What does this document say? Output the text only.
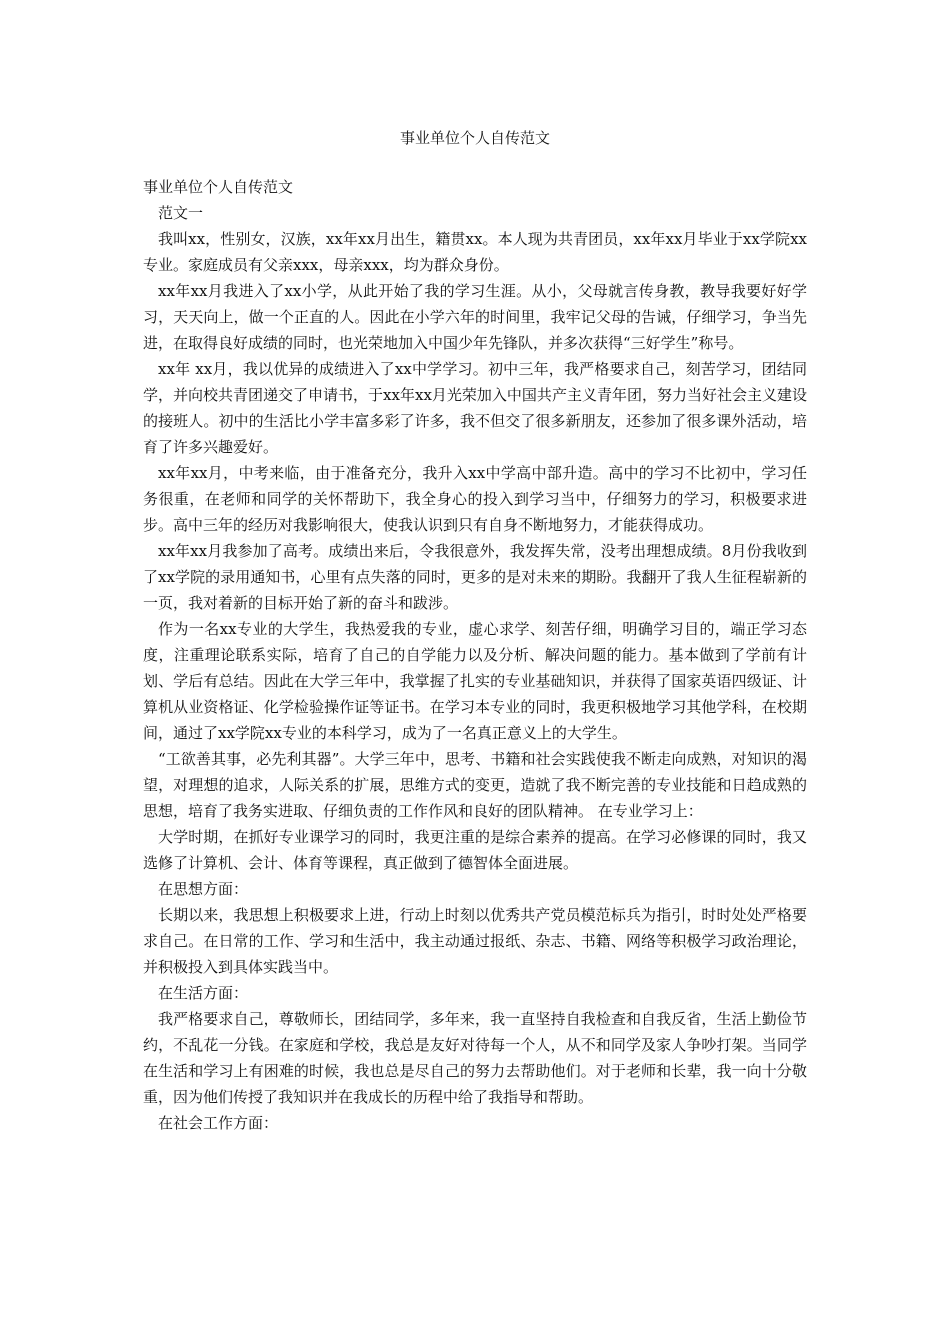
事业单位个人自传范文

事业单位个人自传范文

范文一

我叫xx，性别女，汉族，xx年xx月出生，籍贯xx。本人现为共青团员，xx年xx月毕业于xx学院xx专业。家庭成员有父亲xxx，母亲xxx，均为群众身份。

xx年xx月我进入了xx小学，从此开始了我的学习生涯。从小，父母就言传身教，教导我要好好学习，天天向上，做一个正直的人。因此在小学六年的时间里，我牢记父母的告诫，仔细学习，争当先进，在取得良好成绩的同时，也光荣地加入中国少年先锋队，并多次获得“三好学生”称号。

xx年 xx月，我以优异的成绩进入了xx中学学习。初中三年，我严格要求自己，刻苦学习，团结同学，并向校共青团递交了申请书，于xx年xx月光荣加入中国共产主义青年团，努力当好社会主义建设的接班人。初中的生活比小学丰富多彩了许多，我不但交了很多新朋友，还参加了很多课外活动，培育了许多兴趣爱好。

xx年xx月，中考来临，由于准备充分，我升入xx中学高中部升造。高中的学习不比初中，学习任务很重，在老师和同学的关怀帮助下，我全身心的投入到学习当中，仔细努力的学习，积极要求进步。高中三年的经历对我影响很大，使我认识到只有自身不断地努力，才能获得成功。

xx年xx月我参加了高考。成绩出来后，令我很意外，我发挥失常，没考出理想成绩。8月份我收到了xx学院的录用通知书，心里有点失落的同时，更多的是对未来的期盼。我翻开了我人生征程崭新的一页，我对着新的目标开始了新的奋斗和跋涉。

作为一名xx专业的大学生，我热爱我的专业，虚心求学、刻苦仔细，明确学习目的，端正学习态度，注重理论联系实际，培育了自己的自学能力以及分析、解决问题的能力。基本做到了学前有计划、学后有总结。因此在大学三年中，我掌握了扎实的专业基础知识，并获得了国家英语四级证、计算机从业资格证、化学检验操作证等证书。在学习本专业的同时，我更积极地学习其他学科，在校期间，通过了xx学院xx专业的本科学习，成为了一名真正意义上的大学生。

“工欲善其事，必先利其器”。大学三年中，思考、书籍和社会实践使我不断走向成熟，对知识的渴望，对理想的追求，人际关系的扩展，思维方式的变更，造就了我不断完善的专业技能和日趋成熟的思想，培育了我务实进取、仔细负责的工作作风和良好的团队精神。 在专业学习上：

大学时期，在抓好专业课学习的同时，我更注重的是综合素养的提高。在学习必修课的同时，我又选修了计算机、会计、体育等课程，真正做到了德智体全面进展。

在思想方面：

长期以来，我思想上积极要求上进，行动上时刻以优秀共产党员模范标兵为指引，时时处处严格要求自己。在日常的工作、学习和生活中，我主动通过报纸、杂志、书籍、网络等积极学习政治理论，并积极投入到具体实践当中。

在生活方面：

我严格要求自己，尊敬师长，团结同学，多年来，我一直坚持自我检查和自我反省，生活上勤俭节约，不乱花一分钱。在家庭和学校，我总是友好对待每一个人，从不和同学及家人争吵打架。当同学在生活和学习上有困难的时候，我也总是尽自己的努力去帮助他们。对于老师和长辈，我一向十分敬重，因为他们传授了我知识并在我成长的历程中给了我指导和帮助。

在社会工作方面：
